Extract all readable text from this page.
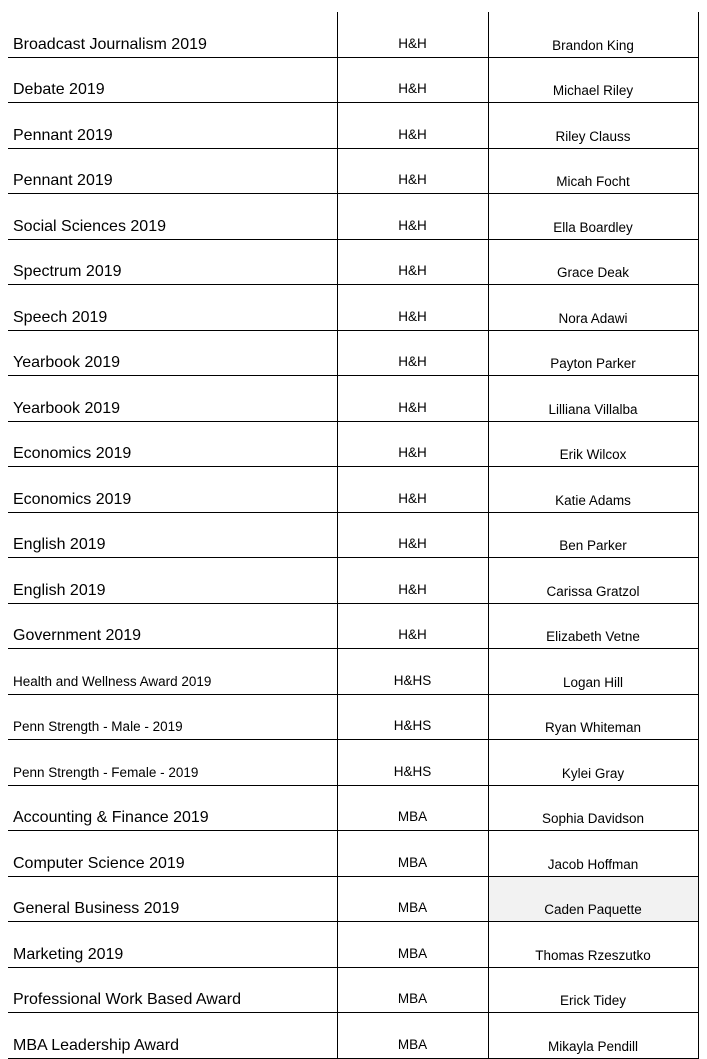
Broadcast Journalism 2019	H&H	Brandon King
Debate 2019	H&H	Michael Riley
Pennant 2019	H&H	Riley Clauss
Pennant 2019	H&H	Micah Focht
Social Sciences 2019	H&H	Ella Boardley
Spectrum 2019	H&H	Grace Deak
Speech 2019	H&H	Nora Adawi
Yearbook 2019	H&H	Payton Parker
Yearbook 2019	H&H	Lilliana Villalba
Economics 2019	H&H	Erik Wilcox
Economics 2019	H&H	Katie Adams
English 2019	H&H	Ben Parker
English 2019	H&H	Carissa Gratzol
Government 2019	H&H	Elizabeth Vetne
Health and Wellness Award 2019	H&HS	Logan Hill
Penn Strength - Male - 2019	H&HS	Ryan Whiteman
Penn Strength - Female - 2019	H&HS	Kylei Gray
Accounting & Finance 2019	MBA	Sophia Davidson
Computer Science 2019	MBA	Jacob Hoffman
General Business 2019	MBA	Caden Paquette
Marketing 2019	MBA	Thomas Rzeszutko
Professional Work Based Award	MBA	Erick Tidey
MBA Leadership Award	MBA	Mikayla Pendill
